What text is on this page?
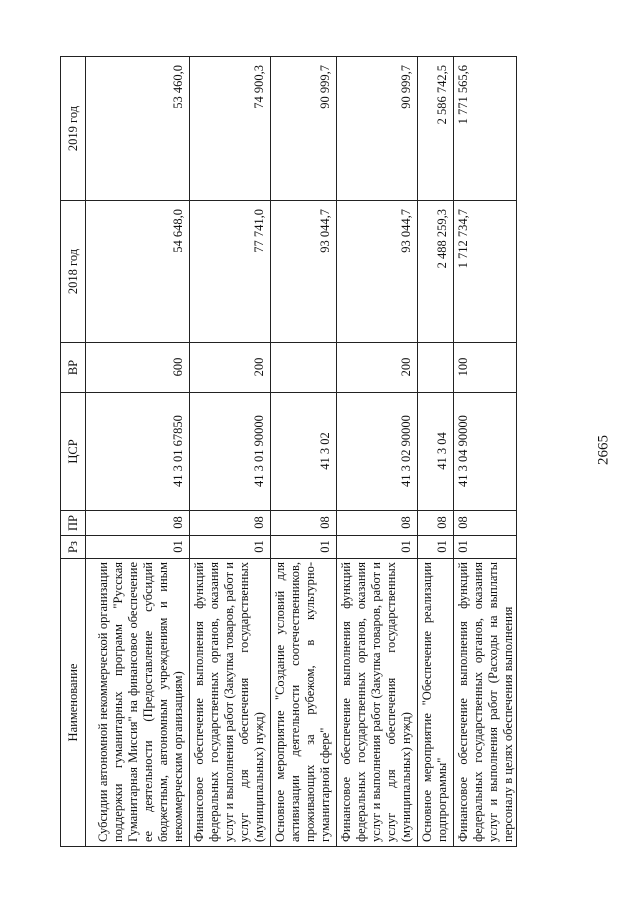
2665
Наименование	Рз	ПР	ЦСР	ВР	2018 год	2019 год
Субсидии автономной некоммерческой организации поддержки гуманитарных программ "Русская Гуманитарная Миссия" на финансовое обеспечение ее деятельности (Предоставление субсидий бюджетным, автономным учреждениям и иным некоммерческим организациям)	01	08	41 3 01 67850	600	54 648,0	53 460,0
Финансовое обеспечение выполнения функций федеральных государственных органов, оказания услуг и выполнения работ (Закупка товаров, работ и услуг для обеспечения государственных (муниципальных) нужд)	01	08	41 3 01 90000	200	77 741,0	74 900,3
Основное мероприятие "Создание условий для активизации деятельности соотечественников, проживающих за рубежом, в культурно-гуманитарной сфере"	01	08	41 3 02		93 044,7	90 999,7
Финансовое обеспечение выполнения функций федеральных государственных органов, оказания услуг и выполнения работ (Закупка товаров, работ и услуг для обеспечения государственных (муниципальных) нужд)	01	08	41 3 02 90000	200	93 044,7	90 999,7
Основное мероприятие "Обеспечение реализации подпрограммы"	01	08	41 3 04		2 488 259,3	2 586 742,5
Финансовое обеспечение выполнения функций федеральных государственных органов, оказания услуг и выполнения работ (Расходы на выплаты персоналу в целях обеспечения выполнения	01	08	41 3 04 90000	100	1 712 734,7	1 771 565,6
